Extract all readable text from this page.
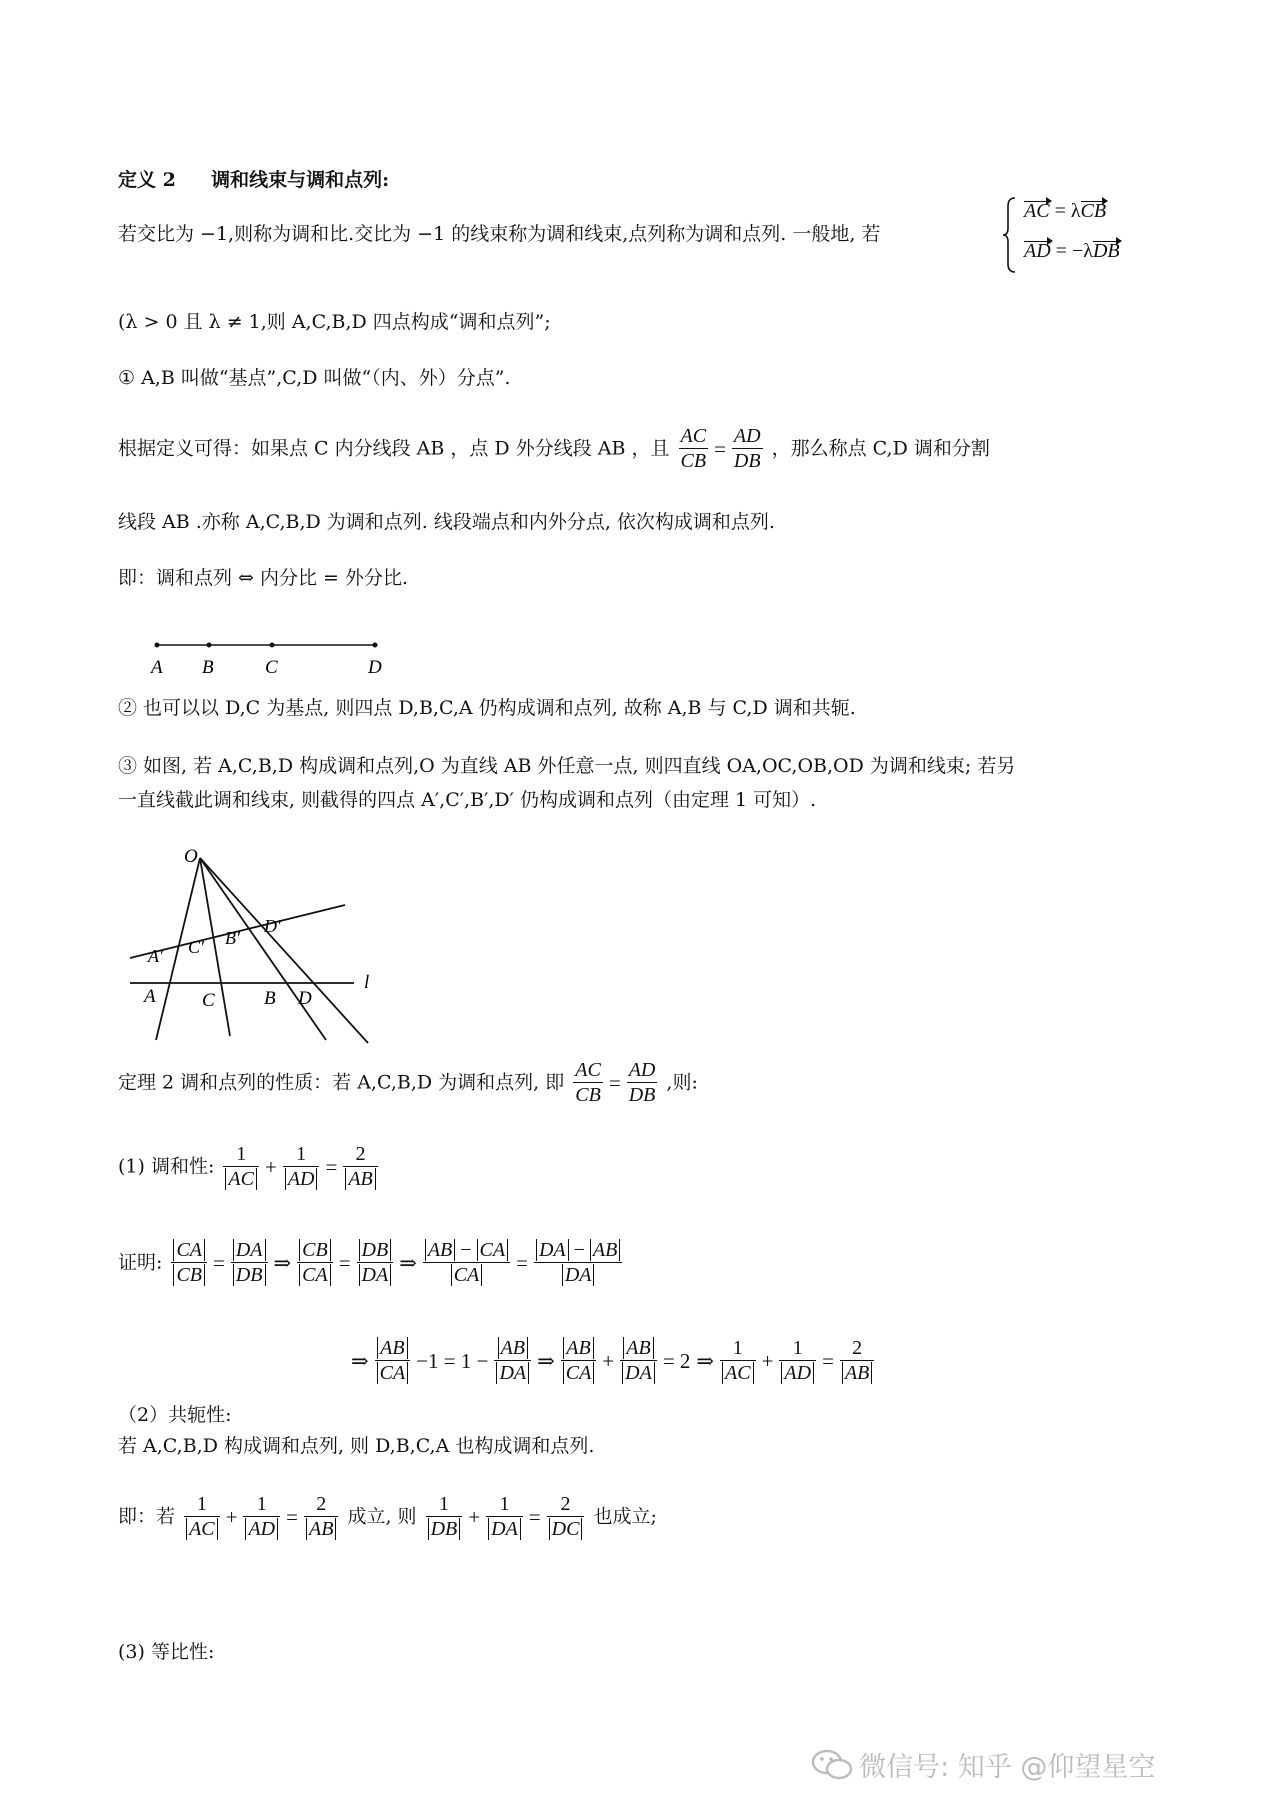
定义 2 调和线束与调和点列:
若交比为 −1,则称为调和比.交比为 −1 的线束称为调和线束,点列称为调和点列. 一般地, 若
AC = λCB
AD = −λDB
(λ > 0 且 λ ≠ 1,则 A,C,B,D 四点构成“调和点列”;
① A,B 叫做“基点”,C,D 叫做“（内、外）分点”.
根据定义可得：如果点 C 内分线段 AB ，点 D 外分线段 AB ，且 $\frac{AC}{CB} = \frac{AD}{DB}$ ，那么称点 C,D 调和分割
线段 AB .亦称 A,C,B,D 为调和点列. 线段端点和内外分点, 依次构成调和点列.
即：调和点列 ⇔ 内分比 = 外分比.
A B	C	D
② 也可以以 D,C 为基点, 则四点 D,B,C,A 仍构成调和点列, 故称 A,B 与 C,D 调和共轭.
③ 如图, 若 A,C,B,D 构成调和点列,O 为直线 AB 外任意一点, 则四直线 OA,OC,OB,OD 为调和线束; 若另
一直线截此调和线束, 则截得的四点 A′,C′,B′,D′ 仍构成调和点列（由定理 1 可知）.
O
A′ C′ B′
D′
A C	B D
l
定理 2 调和点列的性质：若 A,C,B,D 为调和点列, 即 $\frac{AC}{CB} = \frac{AD}{DB}$ ,则:
(1) 调和性: $\frac{1}{AC} + \frac{1}{AD} = \frac{2}{AB}$
证明: $\frac{CA}{CB} = \frac{DA}{DB}$ ⇒ $\frac{CB}{CA} = \frac{DB}{DA}$ ⇒ $\frac{AB - CA}{CA} = \frac{DA - AB}{DA}$
⇒ $\frac{AB}{CA} -1 = 1 - \frac{AB}{DA}$ ⇒ $\frac{AB}{CA} + \frac{AB}{DA} = 2$ ⇒ $\frac{1}{AC} + \frac{1}{AD} = \frac{2}{AB}$
（2）共轭性:
若 A,C,B,D 构成调和点列, 则 D,B,C,A 也构成调和点列.
即：若 $\frac{1}{AC} + \frac{1}{AD} = \frac{2}{AB}$ 成立, 则 $\frac{1}{DB} + \frac{1}{DA} = \frac{2}{DC}$ 也成立;
(3) 等比性:
微信号: 知乎 @仰望星空
